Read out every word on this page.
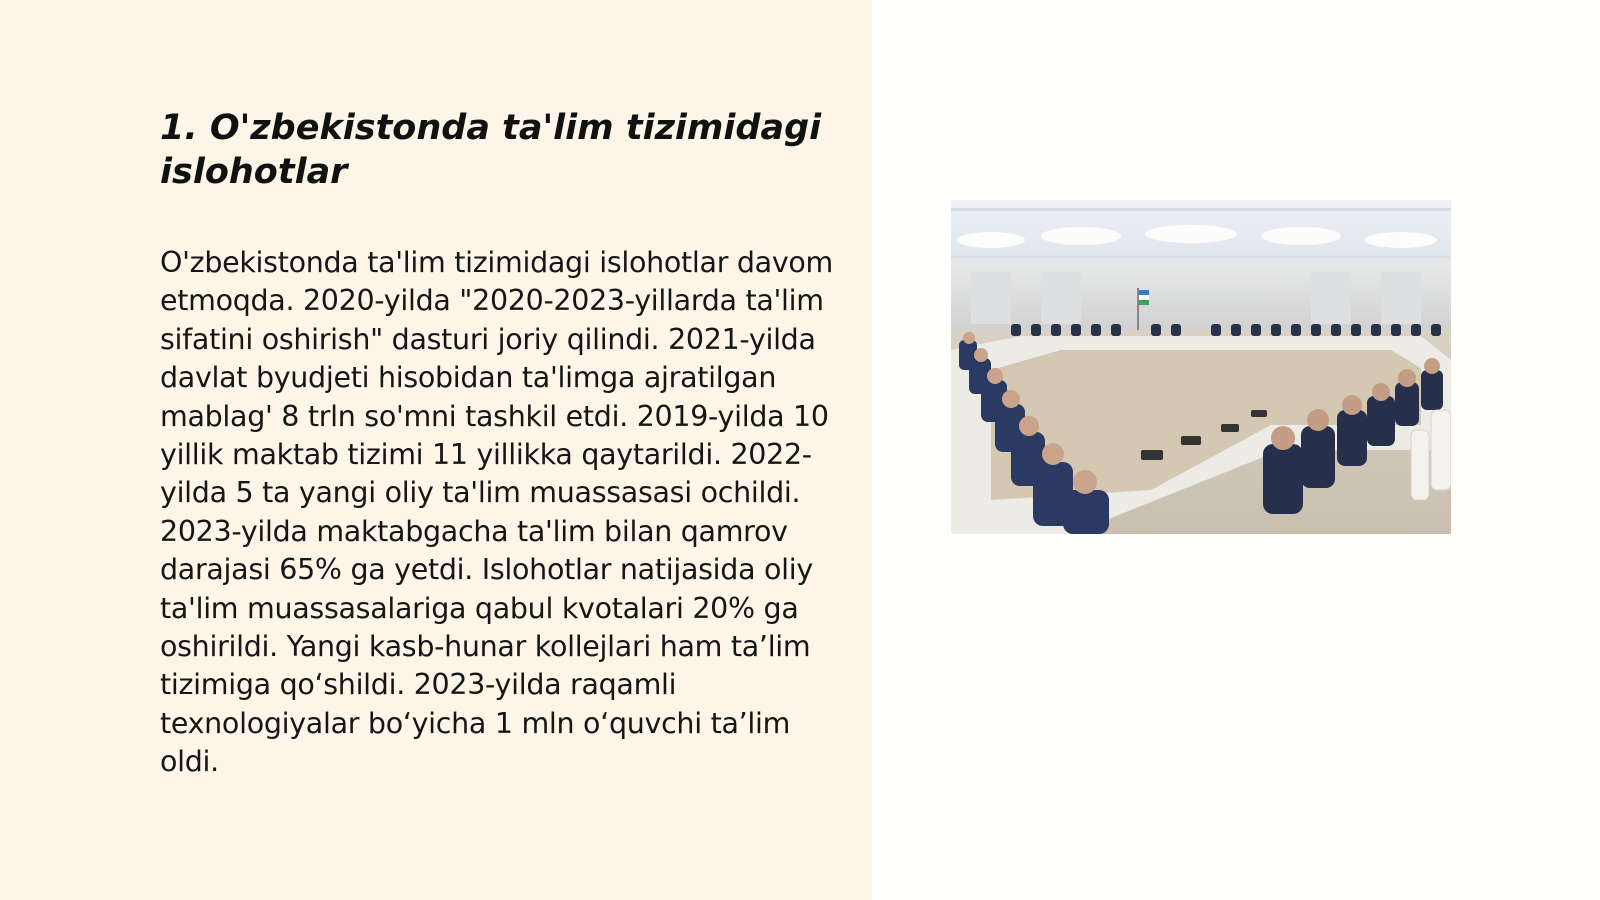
1. O'zbekistonda ta'lim tizimidagi islohotlar

O'zbekistonda ta'lim tizimidagi islohotlar davom etmoqda. 2020-yilda "2020-2023-yillarda ta'lim sifatini oshirish" dasturi joriy qilindi. 2021-yilda davlat byudjeti hisobidan ta'limga ajratilgan mablag' 8 trln so'mni tashkil etdi. 2019-yilda 10 yillik maktab tizimi 11 yillikka qaytarildi. 2022-yilda 5 ta yangi oliy ta'lim muassasasi ochildi. 2023-yilda maktabgacha ta'lim bilan qamrov darajasi 65% ga yetdi. Islohotlar natijasida oliy ta'lim muassasalariga qabul kvotalari 20% ga oshirildi. Yangi kasb-hunar kollejlari ham ta’lim tizimiga qo‘shildi. 2023-yilda raqamli texnologiyalar bo‘yicha 1 mln o‘quvchi ta’lim oldi.
